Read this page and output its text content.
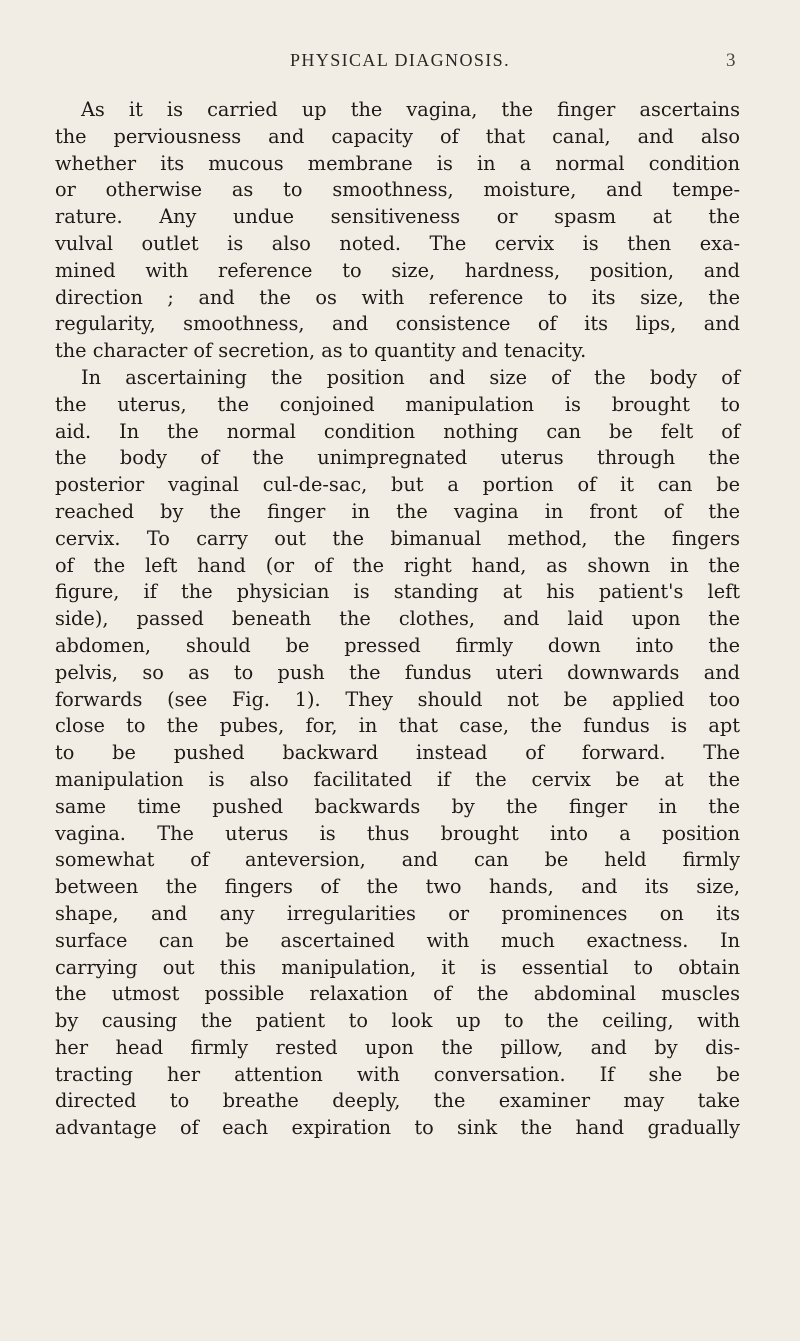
PHYSICAL DIAGNOSIS.	3
As it is carried up the vagina, the finger ascertains
the perviousness and capacity of that canal, and also
whether its mucous membrane is in a normal condition
or otherwise as to smoothness, moisture, and tempe-
rature. Any undue sensitiveness or spasm at the
vulval outlet is also noted. The cervix is then exa-
mined with reference to size, hardness, position, and
direction ; and the os with reference to its size, the
regularity, smoothness, and consistence of its lips, and
the character of secretion, as to quantity and tenacity.
In ascertaining the position and size of the body of
the uterus, the conjoined manipulation is brought to
aid. In the normal condition nothing can be felt of
the body of the unimpregnated uterus through the
posterior vaginal cul-de-sac, but a portion of it can be
reached by the finger in the vagina in front of the
cervix. To carry out the bimanual method, the fingers
of the left hand (or of the right hand, as shown in the
figure, if the physician is standing at his patient's left
side), passed beneath the clothes, and laid upon the
abdomen, should be pressed firmly down into the
pelvis, so as to push the fundus uteri downwards and
forwards (see Fig. 1). They should not be applied too
close to the pubes, for, in that case, the fundus is apt
to be pushed backward instead of forward. The
manipulation is also facilitated if the cervix be at the
same time pushed backwards by the finger in the
vagina. The uterus is thus brought into a position
somewhat of anteversion, and can be held firmly
between the fingers of the two hands, and its size,
shape, and any irregularities or prominences on its
surface can be ascertained with much exactness. In
carrying out this manipulation, it is essential to obtain
the utmost possible relaxation of the abdominal muscles
by causing the patient to look up to the ceiling, with
her head firmly rested upon the pillow, and by dis-
tracting her attention with conversation. If she be
directed to breathe deeply, the examiner may take
advantage of each expiration to sink the hand gradually
